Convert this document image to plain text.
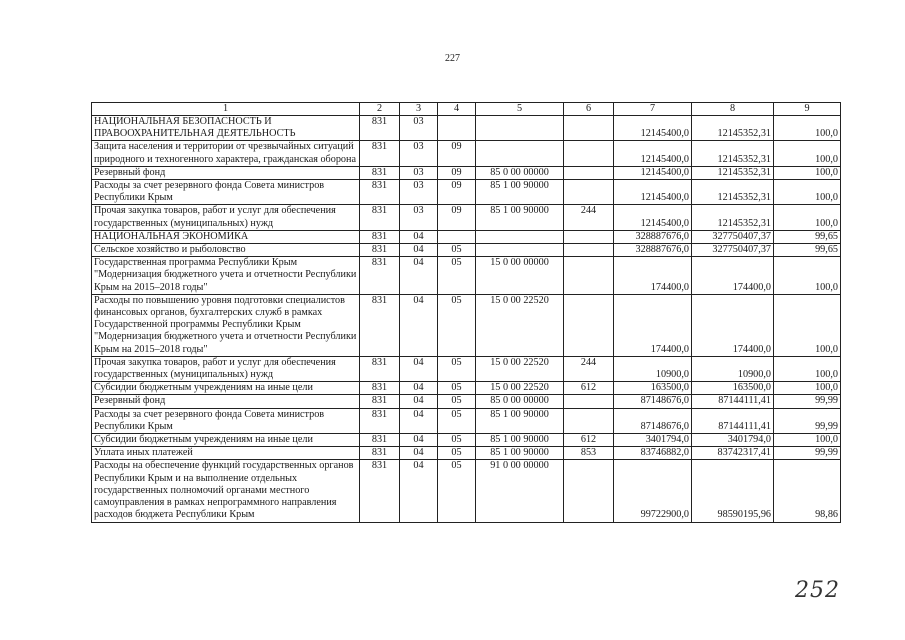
227
1	2	3	4	5	6	7	8	9
НАЦИОНАЛЬНАЯ БЕЗОПАСНОСТЬ И ПРАВООХРАНИТЕЛЬНАЯ ДЕЯТЕЛЬНОСТЬ	831	03				12145400,0	12145352,31	100,0
Защита населения и территории от чрезвычайных ситуаций природного и техногенного характера, гражданская оборона	831	03	09			12145400,0	12145352,31	100,0
Резервный фонд	831	03	09	85 0 00 00000		12145400,0	12145352,31	100,0
Расходы за счет резервного фонда Совета министров Республики Крым	831	03	09	85 1 00 90000		12145400,0	12145352,31	100,0
Прочая закупка товаров, работ и услуг для обеспечения государственных (муниципальных) нужд	831	03	09	85 1 00 90000	244	12145400,0	12145352,31	100,0
НАЦИОНАЛЬНАЯ ЭКОНОМИКА	831	04				328887676,0	327750407,37	99,65
Сельское хозяйство и рыболовство	831	04	05			328887676,0	327750407,37	99,65
Государственная программа Республики Крым "Модернизация бюджетного учета и отчетности Республики Крым на 2015–2018 годы"	831	04	05	15 0 00 00000		174400,0	174400,0	100,0
Расходы по повышению уровня подготовки специалистов финансовых органов, бухгалтерских служб в рамках Государственной программы Республики Крым "Модернизация бюджетного учета и отчетности Республики Крым на 2015–2018 годы"	831	04	05	15 0 00 22520		174400,0	174400,0	100,0
Прочая закупка товаров, работ и услуг для обеспечения государственных (муниципальных) нужд	831	04	05	15 0 00 22520	244	10900,0	10900,0	100,0
Субсидии бюджетным учреждениям на иные цели	831	04	05	15 0 00 22520	612	163500,0	163500,0	100,0
Резервный фонд	831	04	05	85 0 00 00000		87148676,0	87144111,41	99,99
Расходы за счет резервного фонда Совета министров Республики Крым	831	04	05	85 1 00 90000		87148676,0	87144111,41	99,99
Субсидии бюджетным учреждениям на иные цели	831	04	05	85 1 00 90000	612	3401794,0	3401794,0	100,0
Уплата иных платежей	831	04	05	85 1 00 90000	853	83746882,0	83742317,41	99,99
Расходы на обеспечение функций государственных органов Республики Крым и на выполнение отдельных государственных полномочий органами местного самоуправления в рамках непрограммного направления расходов бюджета Республики Крым	831	04	05	91 0 00 00000		99722900,0	98590195,96	98,86
252
